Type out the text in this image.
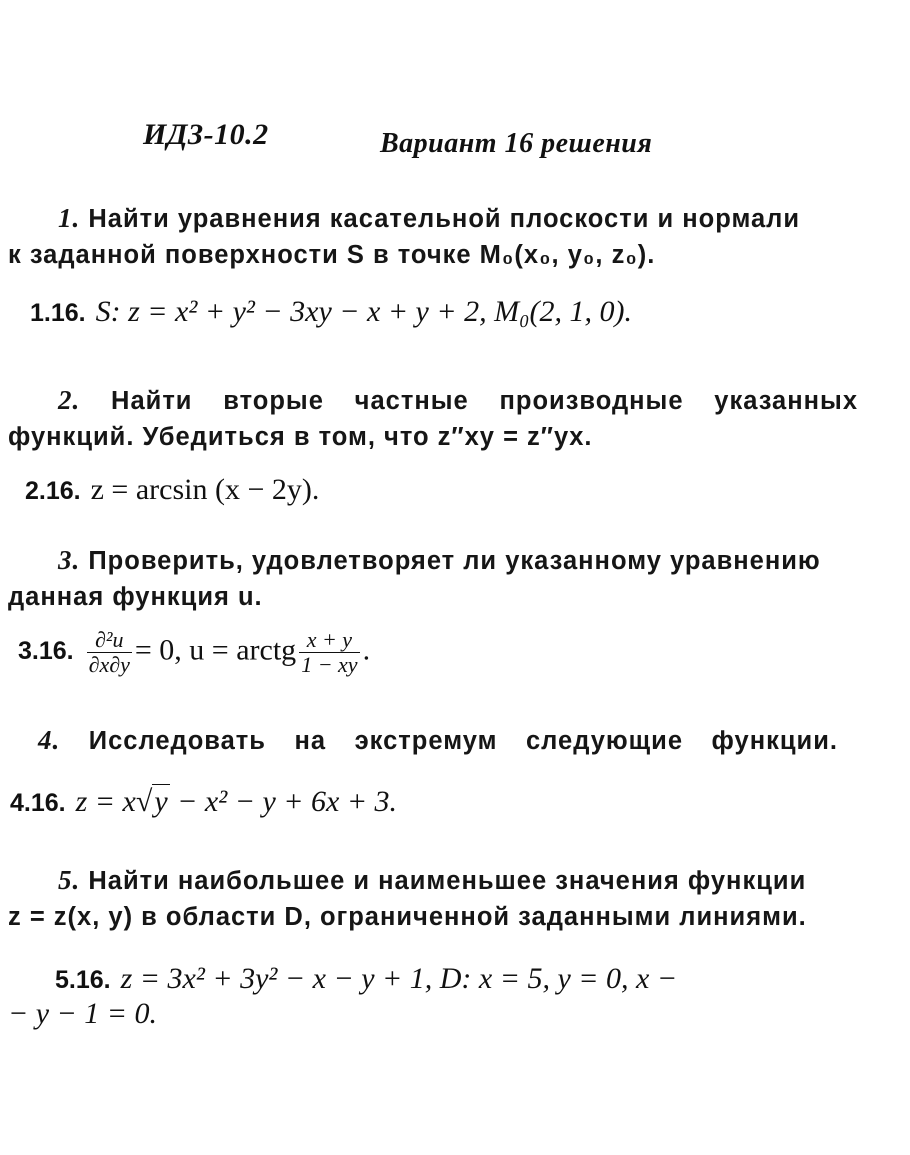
ИДЗ-10.2	Вариант 16 решения
1. Найти уравнения касательной плоскости и нормали
к заданной поверхности S в точке M₀(x₀, y₀, z₀).
1.16. S: z = x² + y² − 3xy − x + y + 2, M₀(2, 1, 0).
2. Найти вторые частные производные указанных
функций. Убедиться в том, что z″xy = z″yx.
2.16. z = arcsin (x − 2y).
3. Проверить, удовлетворяет ли указанному уравнению
данная функция u.
3.16. $\frac{\text{∂²u}}{\partial x\partial y} = 0$, u = arctg $\frac{x + y}{1 - xy}$ .
4. Исследовать на экстремум следующие функции.
4.16. z = x√y − x² − y + 6x + 3.
5. Найти наибольшее и наименьшее значения функции
z = z(x, y) в области D, ограниченной заданными линиями.
5.16. z = 3x² + 3y² − x − y + 1, D: x = 5, y = 0, x −
− y − 1 = 0.
